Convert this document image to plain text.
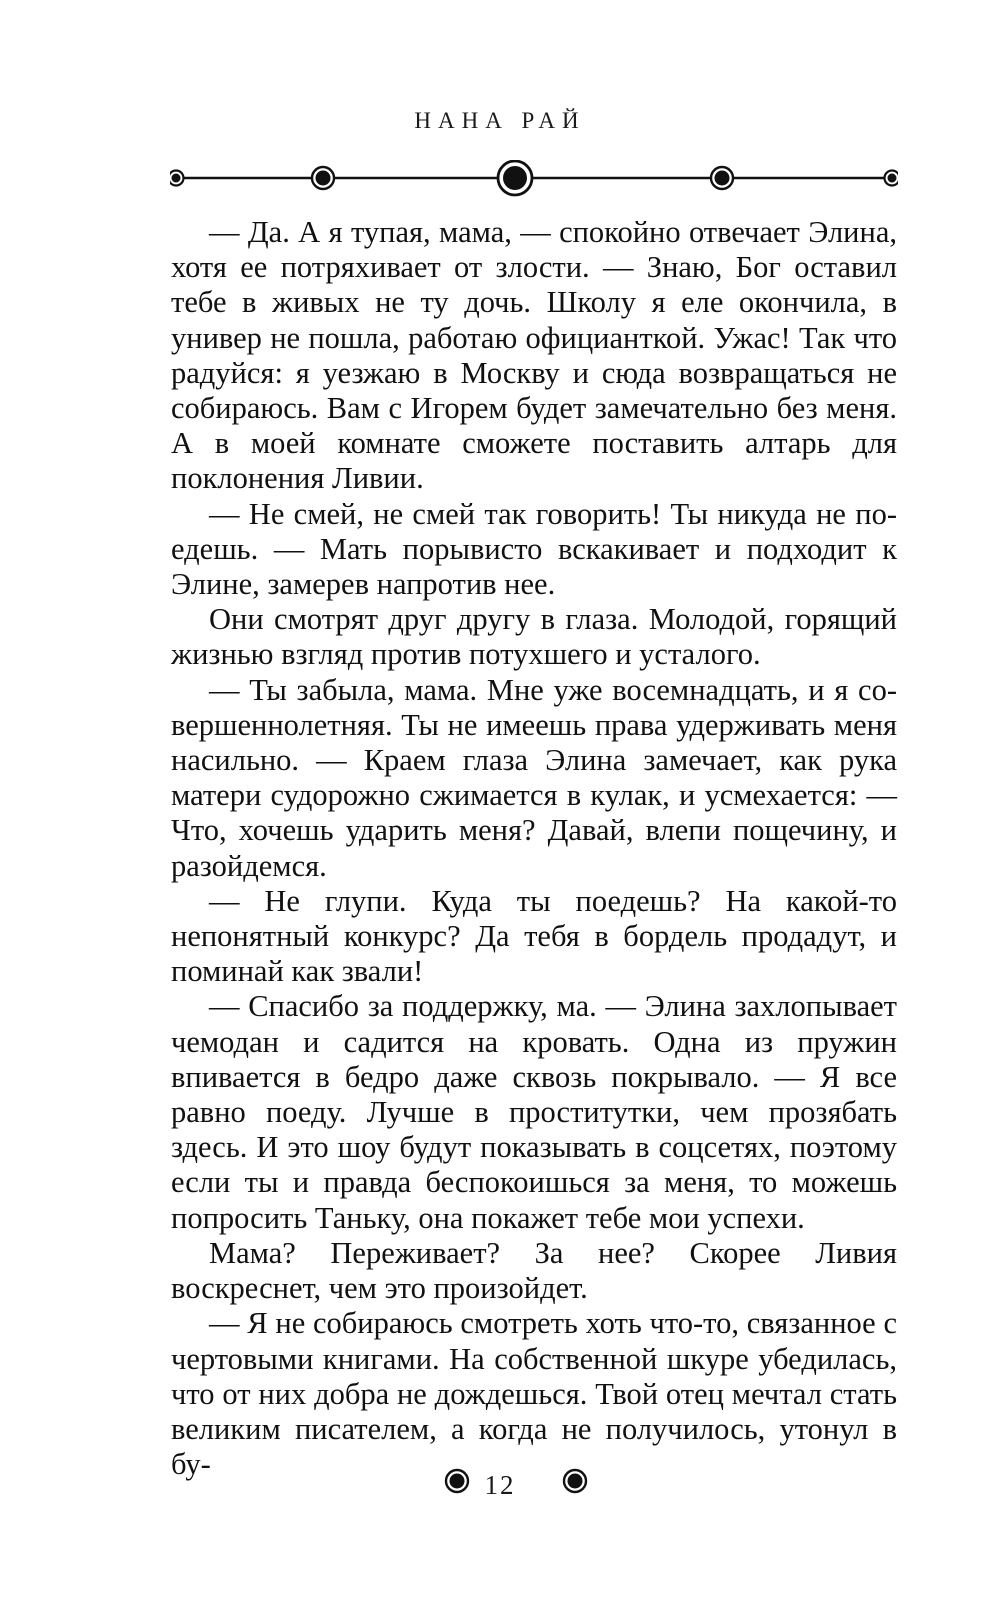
НАНА РАЙ

— Да. А я тупая, мама, — спокойно отвечает Элина, хотя ее потряхивает от злости. — Знаю, Бог оставил тебе в живых не ту дочь. Школу я еле окончила, в универ не пошла, работаю официанткой. Ужас! Так что радуйся: я уезжаю в Москву и сюда возвращаться не собираюсь. Вам с Игорем будет замечательно без меня. А в моей комнате сможете поставить алтарь для поклонения Ливии.

— Не смей, не смей так говорить! Ты никуда не поедешь. — Мать порывисто вскакивает и подходит к Элине, замерев напротив нее.

Они смотрят друг другу в глаза. Молодой, горящий жизнью взгляд против потухшего и усталого.

— Ты забыла, мама. Мне уже восемнадцать, и я совершеннолетняя. Ты не имеешь права удерживать меня насильно. — Краем глаза Элина замечает, как рука матери судорожно сжимается в кулак, и усмехается: — Что, хочешь ударить меня? Давай, влепи пощечину, и разойдемся.

— Не глупи. Куда ты поедешь? На какой-то непонятный конкурс? Да тебя в бордель продадут, и поминай как звали!

— Спасибо за поддержку, ма. — Элина захлопывает чемодан и садится на кровать. Одна из пружин впивается в бедро даже сквозь покрывало. — Я все равно поеду. Лучше в проститутки, чем прозябать здесь. И это шоу будут показывать в соцсетях, поэтому если ты и правда беспокоишься за меня, то можешь попросить Таньку, она покажет тебе мои успехи.

Мама? Переживает? За нее? Скорее Ливия воскреснет, чем это произойдет.

— Я не собираюсь смотреть хоть что-то, связанное с чертовыми книгами. На собственной шкуре убедилась, что от них добра не дождешься. Твой отец мечтал стать великим писателем, а когда не получилось, утонул в бу-

12
